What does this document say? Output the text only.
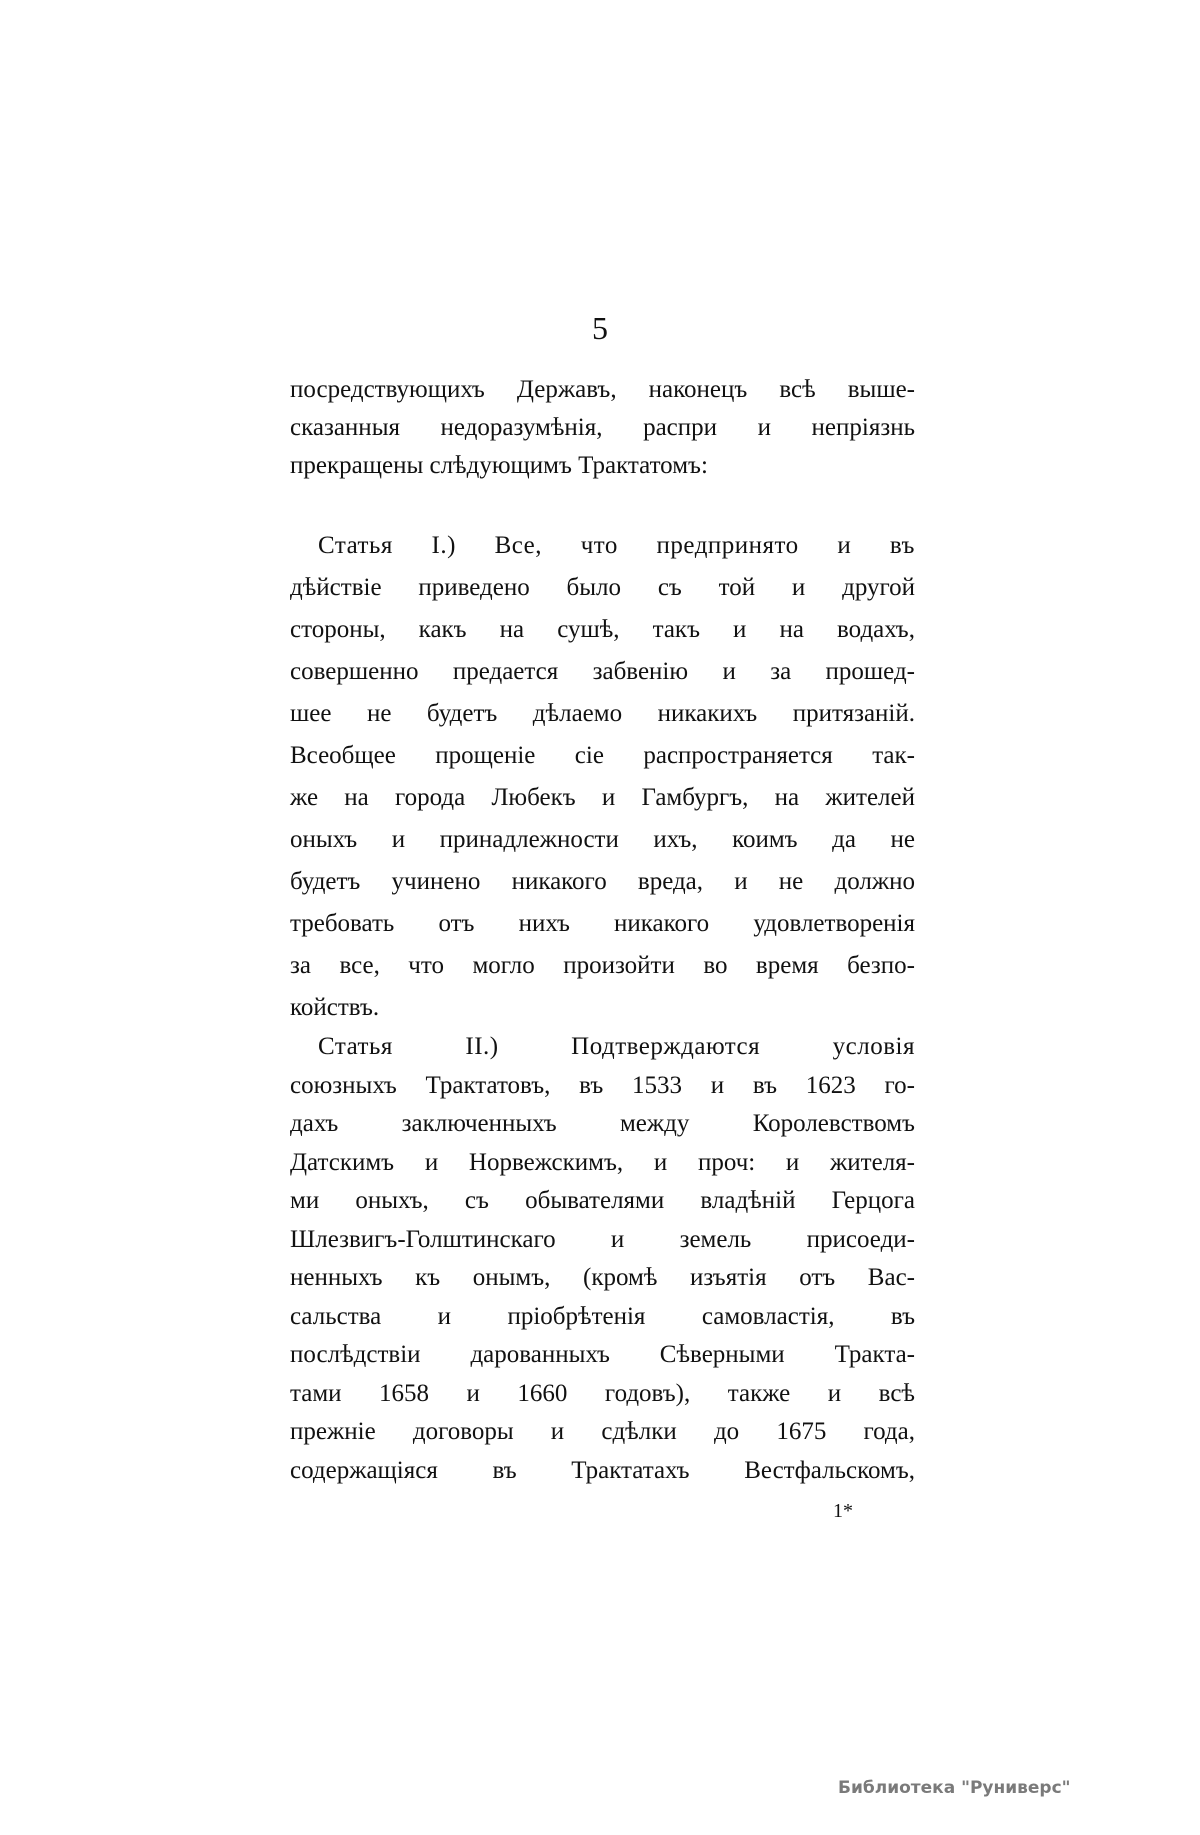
5
посредствующихъ Державъ, наконецъ всѣ выше-
сказанныя недоразумѣнія, распри и непріязнь
прекращены слѣдующимъ Трактатомъ:
Статья I.) Все, что предпринято и въ
дѣйствіе приведено было съ той и другой
стороны, какъ на сушѣ, такъ и на водахъ,
совершенно предается забвенію и за прошед-
шее не будетъ дѣлаемо никакихъ притязаній.
Всеобщее прощеніе сіе распространяется так-
же на города Любекъ и Гамбургъ, на жителей
оныхъ и принадлежности ихъ, коимъ да не
будетъ учинено никакого вреда, и не должно
требовать отъ нихъ никакого удовлетворенія
за все, что могло произойти во время безпо-
койствъ.
Статья II.) Подтверждаются условія
союзныхъ Трактатовъ, въ 1533 и въ 1623 го-
дахъ заключенныхъ между Королевствомъ
Датскимъ и Норвежскимъ, и проч: и жителя-
ми оныхъ, съ обывателями владѣній Герцога
Шлезвигъ-Голштинскаго и земель присоеди-
ненныхъ къ онымъ, (кромѣ изъятія отъ Вас-
сальства и пріобрѣтенія самовластія, въ
послѣдствіи дарованныхъ Сѣверными Тракта-
тами 1658 и 1660 годовъ), также и всѣ
прежніе договоры и сдѣлки до 1675 года,
содержащіяся въ Трактатахъ Вестфальскомъ,
1*
Библиотека "Руниверс"
